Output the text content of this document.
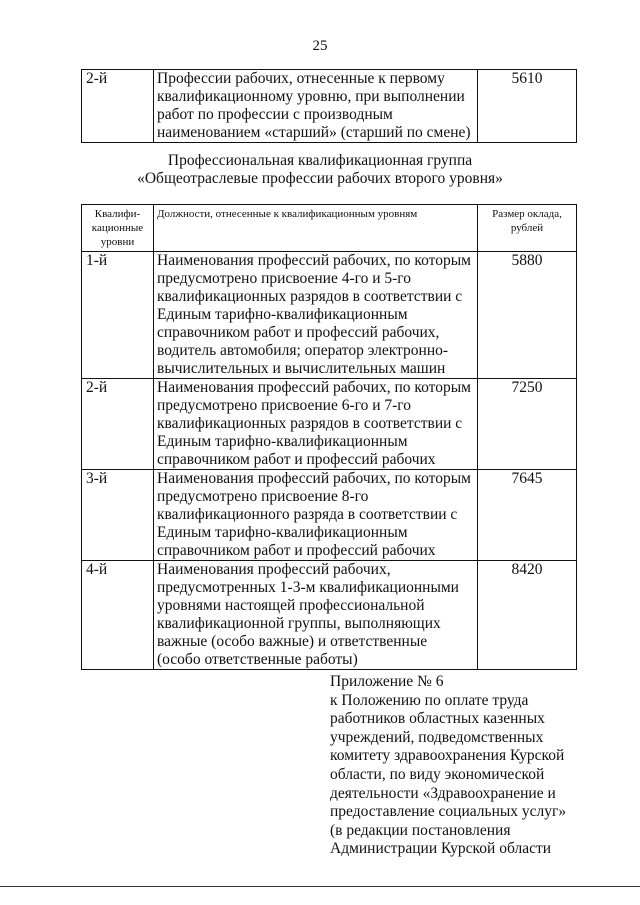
25
2-й	Профессии рабочих, отнесенные к первому квалификационному уровню, при выполнении работ по профессии с производным наименованием «старший» (старший по смене)	5610
Профессиональная квалификационная группа
«Общеотраслевые профессии рабочих второго уровня»
Квалифи-кационные уровни	Должности, отнесенные к квалификационным уровням	Размер оклада, рублей
1-й	Наименования профессий рабочих, по которым предусмотрено присвоение 4-го и 5-го квалификационных разрядов в соответствии с Единым тарифно-квалификационным справочником работ и профессий рабочих, водитель автомобиля; оператор электронно-вычислительных и вычислительных машин	5880
2-й	Наименования профессий рабочих, по которым предусмотрено присвоение 6-го и 7-го квалификационных разрядов в соответствии с Единым тарифно-квалификационным справочником работ и профессий рабочих	7250
3-й	Наименования профессий рабочих, по которым предусмотрено присвоение 8-го квалификационного разряда в соответствии с Единым тарифно-квалификационным справочником работ и профессий рабочих	7645
4-й	Наименования профессий рабочих, предусмотренных 1-3-м квалификационными уровнями настоящей профессиональной квалификационной группы, выполняющих важные (особо важные) и ответственные (особо ответственные работы)	8420
Приложение № 6
к Положению по оплате труда
работников областных казенных
учреждений, подведомственных
комитету здравоохранения Курской
области, по виду экономической
деятельности «Здравоохранение и
предоставление социальных услуг»
(в редакции постановления
Администрации Курской области
